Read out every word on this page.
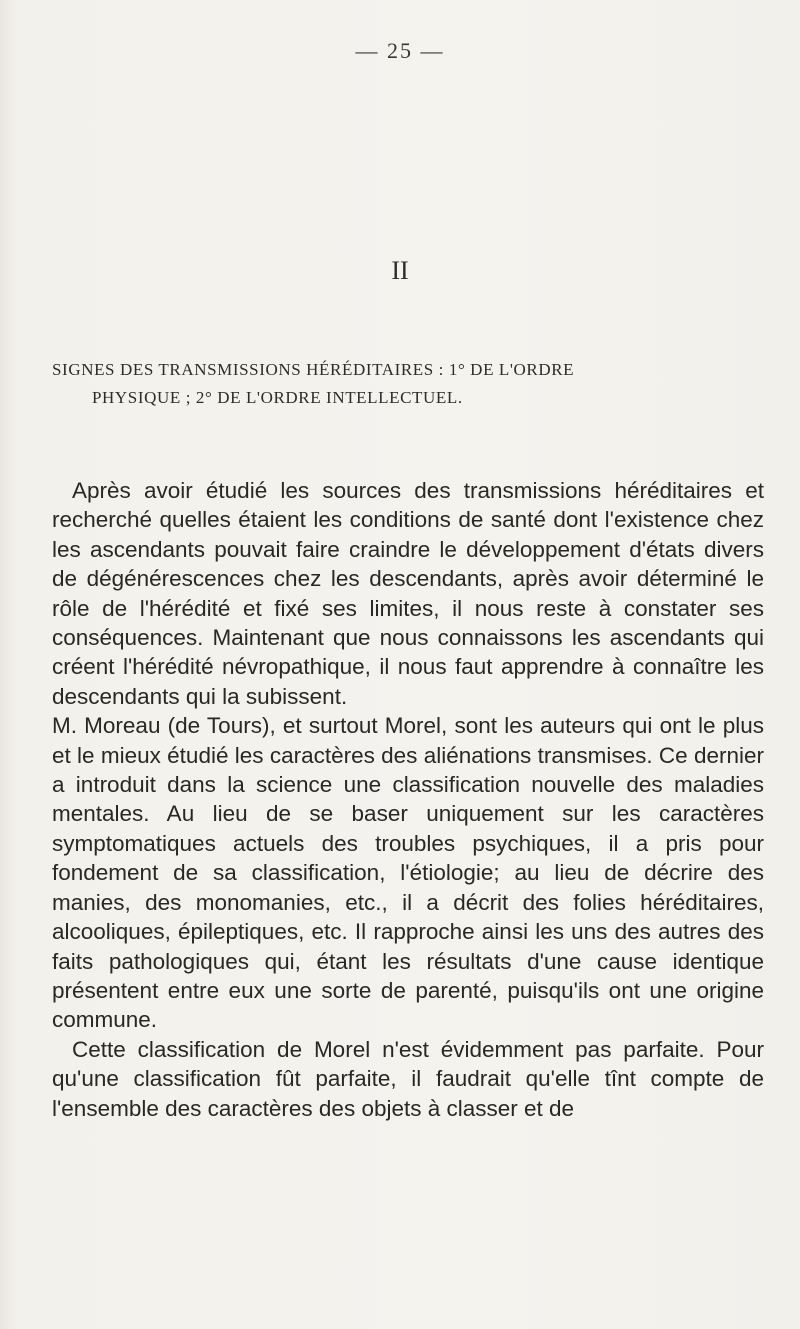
— 25 —
II
SIGNES DES TRANSMISSIONS HÉRÉDITAIRES : 1° DE L'ORDRE
PHYSIQUE ; 2° DE L'ORDRE INTELLECTUEL.

Après avoir étudié les sources des transmissions héréditaires et recherché quelles étaient les conditions de santé dont l'existence chez les ascendants pouvait faire craindre le développement d'états divers de dégénérescences chez les descendants, après avoir déterminé le rôle de l'hérédité et fixé ses limites, il nous reste à constater ses conséquences. Maintenant que nous connaissons les ascendants qui créent l'hérédité névropathique, il nous faut apprendre à connaître les descendants qui la subissent.

M. Moreau (de Tours), et surtout Morel, sont les auteurs qui ont le plus et le mieux étudié les caractères des aliénations transmises. Ce dernier a introduit dans la science une classification nouvelle des maladies mentales. Au lieu de se baser uniquement sur les caractères symptomatiques actuels des troubles psychiques, il a pris pour fondement de sa classification, l'étiologie; au lieu de décrire des manies, des monomanies, etc., il a décrit des folies héréditaires, alcooliques, épileptiques, etc. Il rapproche ainsi les uns des autres des faits pathologiques qui, étant les résultats d'une cause identique présentent entre eux une sorte de parenté, puisqu'ils ont une origine commune.

Cette classification de Morel n'est évidemment pas parfaite. Pour qu'une classification fût parfaite, il faudrait qu'elle tînt compte de l'ensemble des caractères des objets à classer et de
